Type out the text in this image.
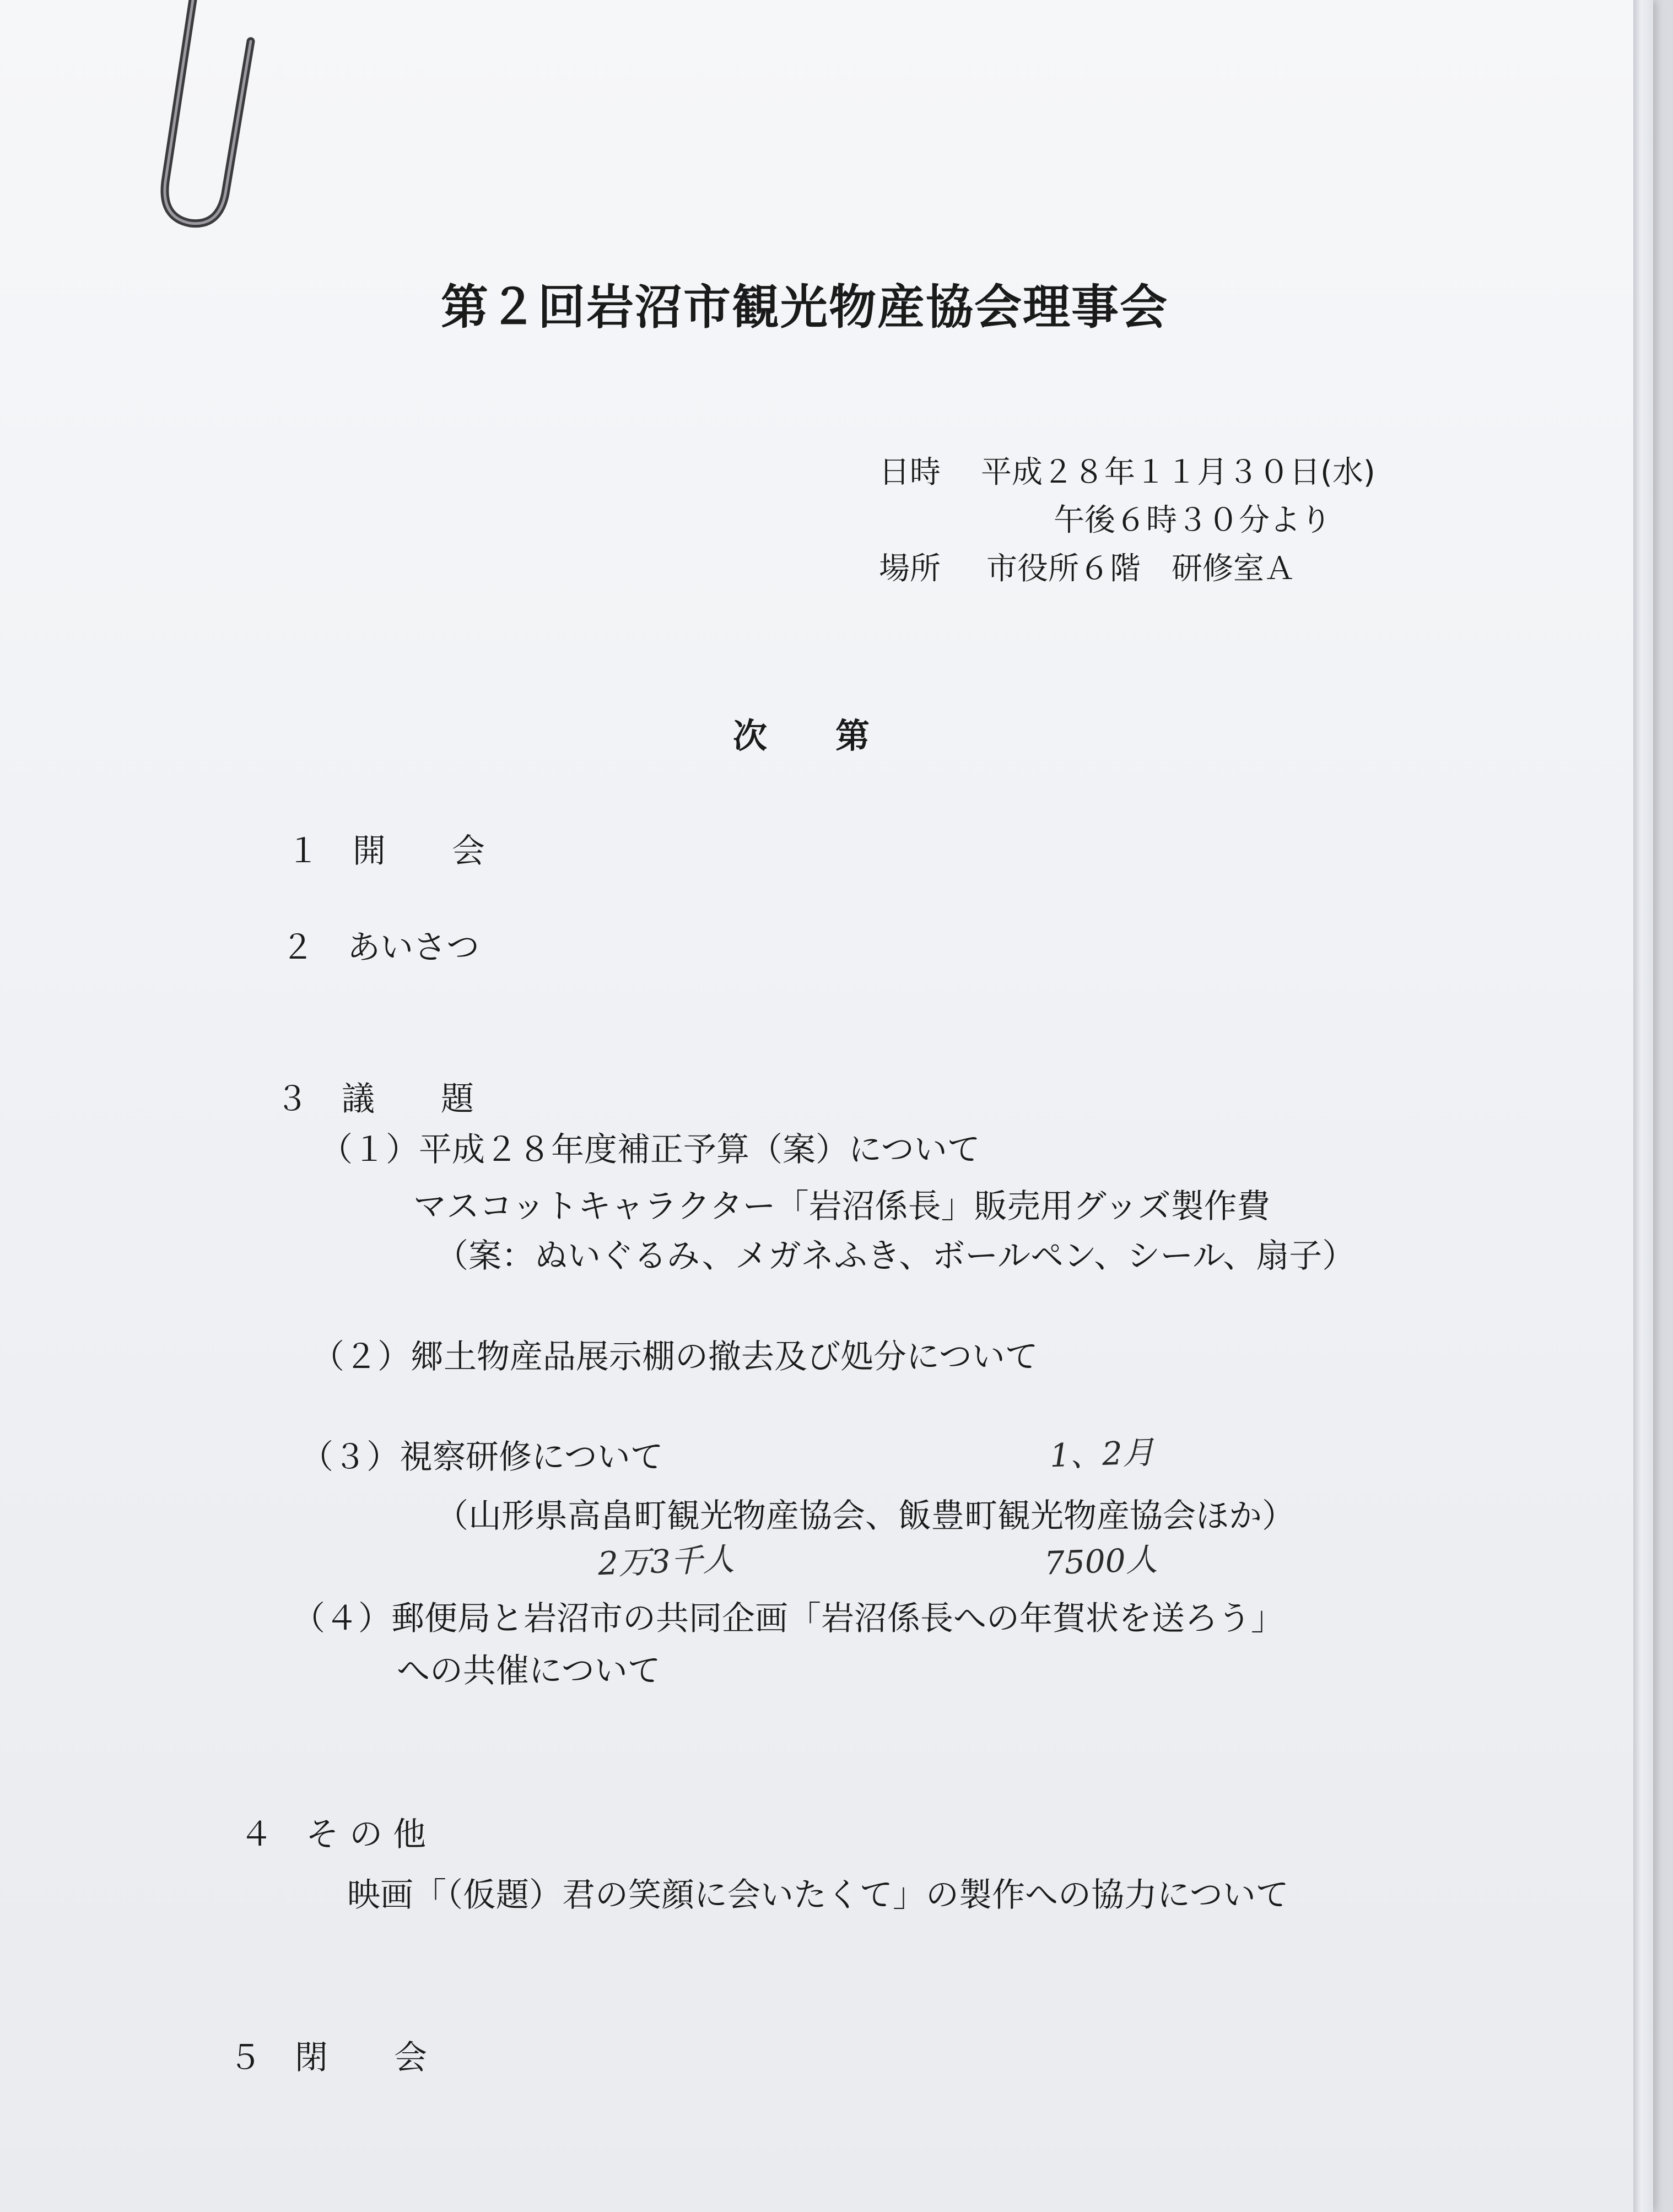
第２回岩沼市観光物産協会理事会
日時 平成２８年１１月３０日(水)
午後６時３０分より
場所 市役所６階　研修室Ａ
次　　第
１　開　　会
２　あいさつ
３　議　　題
（１）平成２８年度補正予算（案）について
マスコットキャラクター「岩沼係長」販売用グッズ製作費
（案：ぬいぐるみ、メガネふき、ボールペン、シール、扇子）
（２）郷土物産品展示棚の撤去及び処分について
（３）視察研修について	1、2月
（山形県高畠町観光物産協会、飯豊町観光物産協会ほか）
2万3千人	7500人
（４）郵便局と岩沼市の共同企画「岩沼係長への年賀状を送ろう」
への共催について
４　そ の 他
映画「（仮題）君の笑顔に会いたくて」の製作への協力について
５　閉　　会
